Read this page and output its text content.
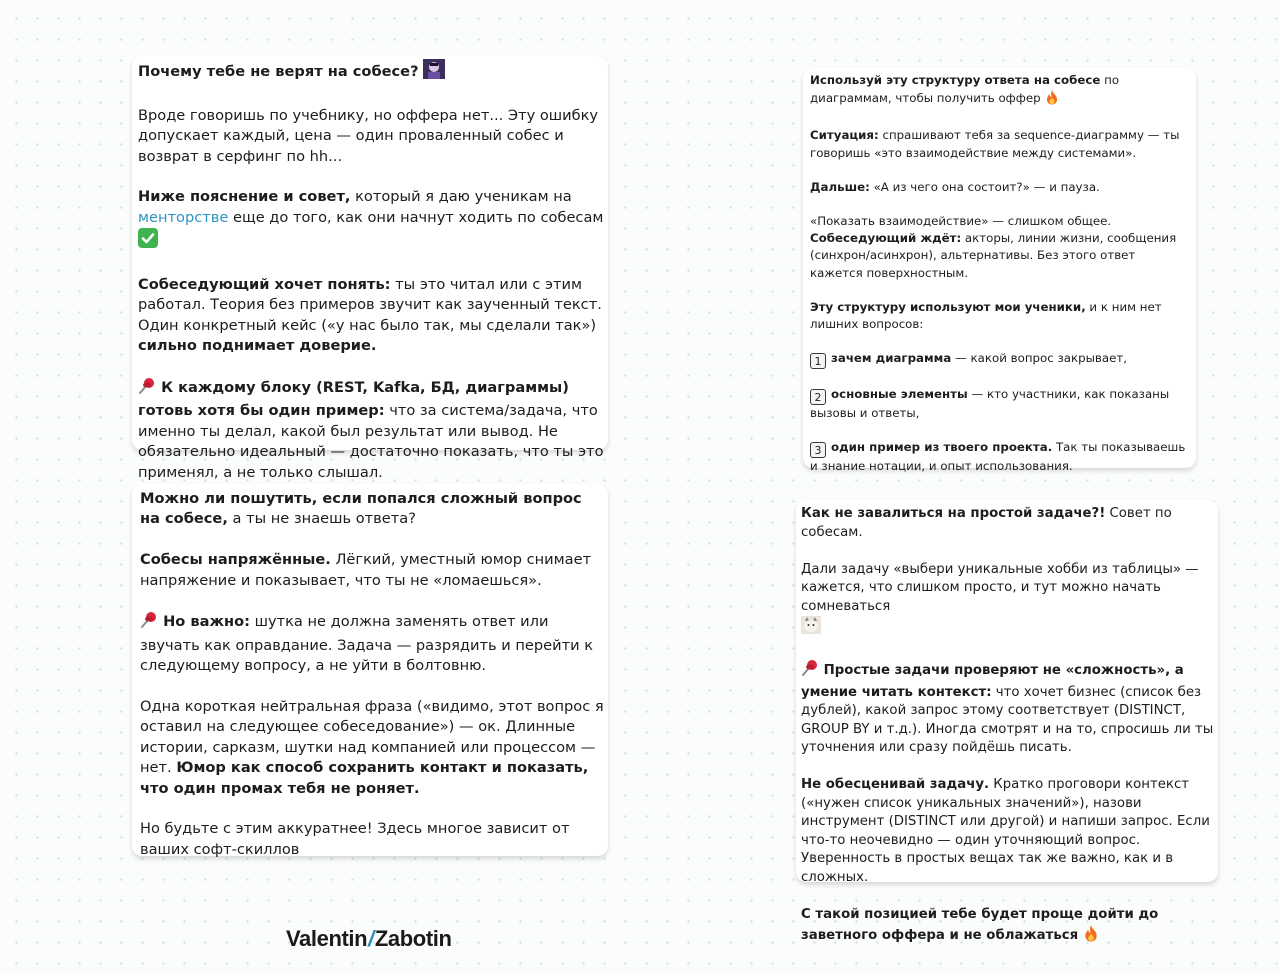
Почему тебе не верят на собесе?

Вроде говоришь по учебнику, но оффера нет... Эту ошибку допускает каждый, цена — один проваленный собес и возврат в серфинг по hh...

Ниже пояснение и совет, который я даю ученикам на менторстве еще до того, как они начнут ходить по собесам

Собеседующий хочет понять: ты это читал или с этим работал. Теория без примеров звучит как заученный текст. Один конкретный кейс («у нас было так, мы сделали так») сильно поднимает доверие.

К каждому блоку (REST, Kafka, БД, диаграммы) готовь хотя бы один пример: что за система/задача, что именно ты делал, какой был результат или вывод. Не обязательно идеальный — достаточно показать, что ты это применял, а не только слышал.

Можно ли пошутить, если попался сложный вопрос на собесе, а ты не знаешь ответа?

Собесы напряжённые. Лёгкий, уместный юмор снимает напряжение и показывает, что ты не «ломаешься».

Но важно: шутка не должна заменять ответ или звучать как оправдание. Задача — разрядить и перейти к следующему вопросу, а не уйти в болтовню.

Одна короткая нейтральная фраза («видимо, этот вопрос я оставил на следующее собеседование») — ок. Длинные истории, сарказм, шутки над компанией или процессом — нет. Юмор как способ сохранить контакт и показать, что один промах тебя не роняет.

Но будьте с этим аккуратнее! Здесь многое зависит от ваших софт-скиллов

Используй эту структуру ответа на собесе по диаграммам, чтобы получить оффер

Ситуация: спрашивают тебя за sequence-диаграмму — ты говоришь «это взаимодействие между системами».

Дальше: «А из чего она состоит?» — и пауза.

«Показать взаимодействие» — слишком общее.
Собеседующий ждёт: акторы, линии жизни, сообщения (синхрон/асинхрон), альтернативы. Без этого ответ кажется поверхностным.

Эту структуру используют мои ученики, и к ним нет лишних вопросов:

1 зачем диаграмма — какой вопрос закрывает,

2 основные элементы — кто участники, как показаны вызовы и ответы,

3 один пример из твоего проекта. Так ты показываешь и знание нотации, и опыт использования.

Как не завалиться на простой задаче?! Совет по собесам.

Дали задачу «выбери уникальные хобби из таблицы» — кажется, что слишком просто, и тут можно начать сомневаться

Простые задачи проверяют не «сложность», а умение читать контекст: что хочет бизнес (список без дублей), какой запрос этому соответствует (DISTINCT, GROUP BY и т.д.). Иногда смотрят и на то, спросишь ли ты уточнения или сразу пойдёшь писать.

Не обесценивай задачу. Кратко проговори контекст («нужен список уникальных значений»), назови инструмент (DISTINCT или другой) и напиши запрос. Если что-то неочевидно — один уточняющий вопрос. Уверенность в простых вещах так же важно, как и в сложных.

С такой позицией тебе будет проще дойти до заветного оффера и не облажаться

Valentin/Zabotin
